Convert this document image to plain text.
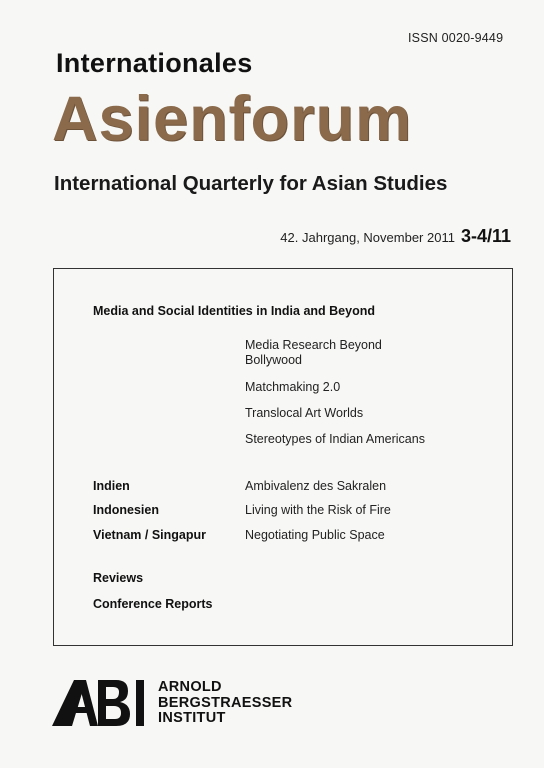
ISSN 0020-9449
Internationales
Asienforum
International Quarterly for Asian Studies
42. Jahrgang, November 2011 3-4/11
Media and Social Identities in India and Beyond
Media Research Beyond Bollywood
Matchmaking 2.0
Translocal Art Worlds
Stereotypes of Indian Americans
Indien	Ambivalenz des Sakralen
Indonesien	Living with the Risk of Fire
Vietnam / Singapur	Negotiating Public Space
Reviews
Conference Reports
ARNOLD
BERGSTRAESSER
INSTITUT
